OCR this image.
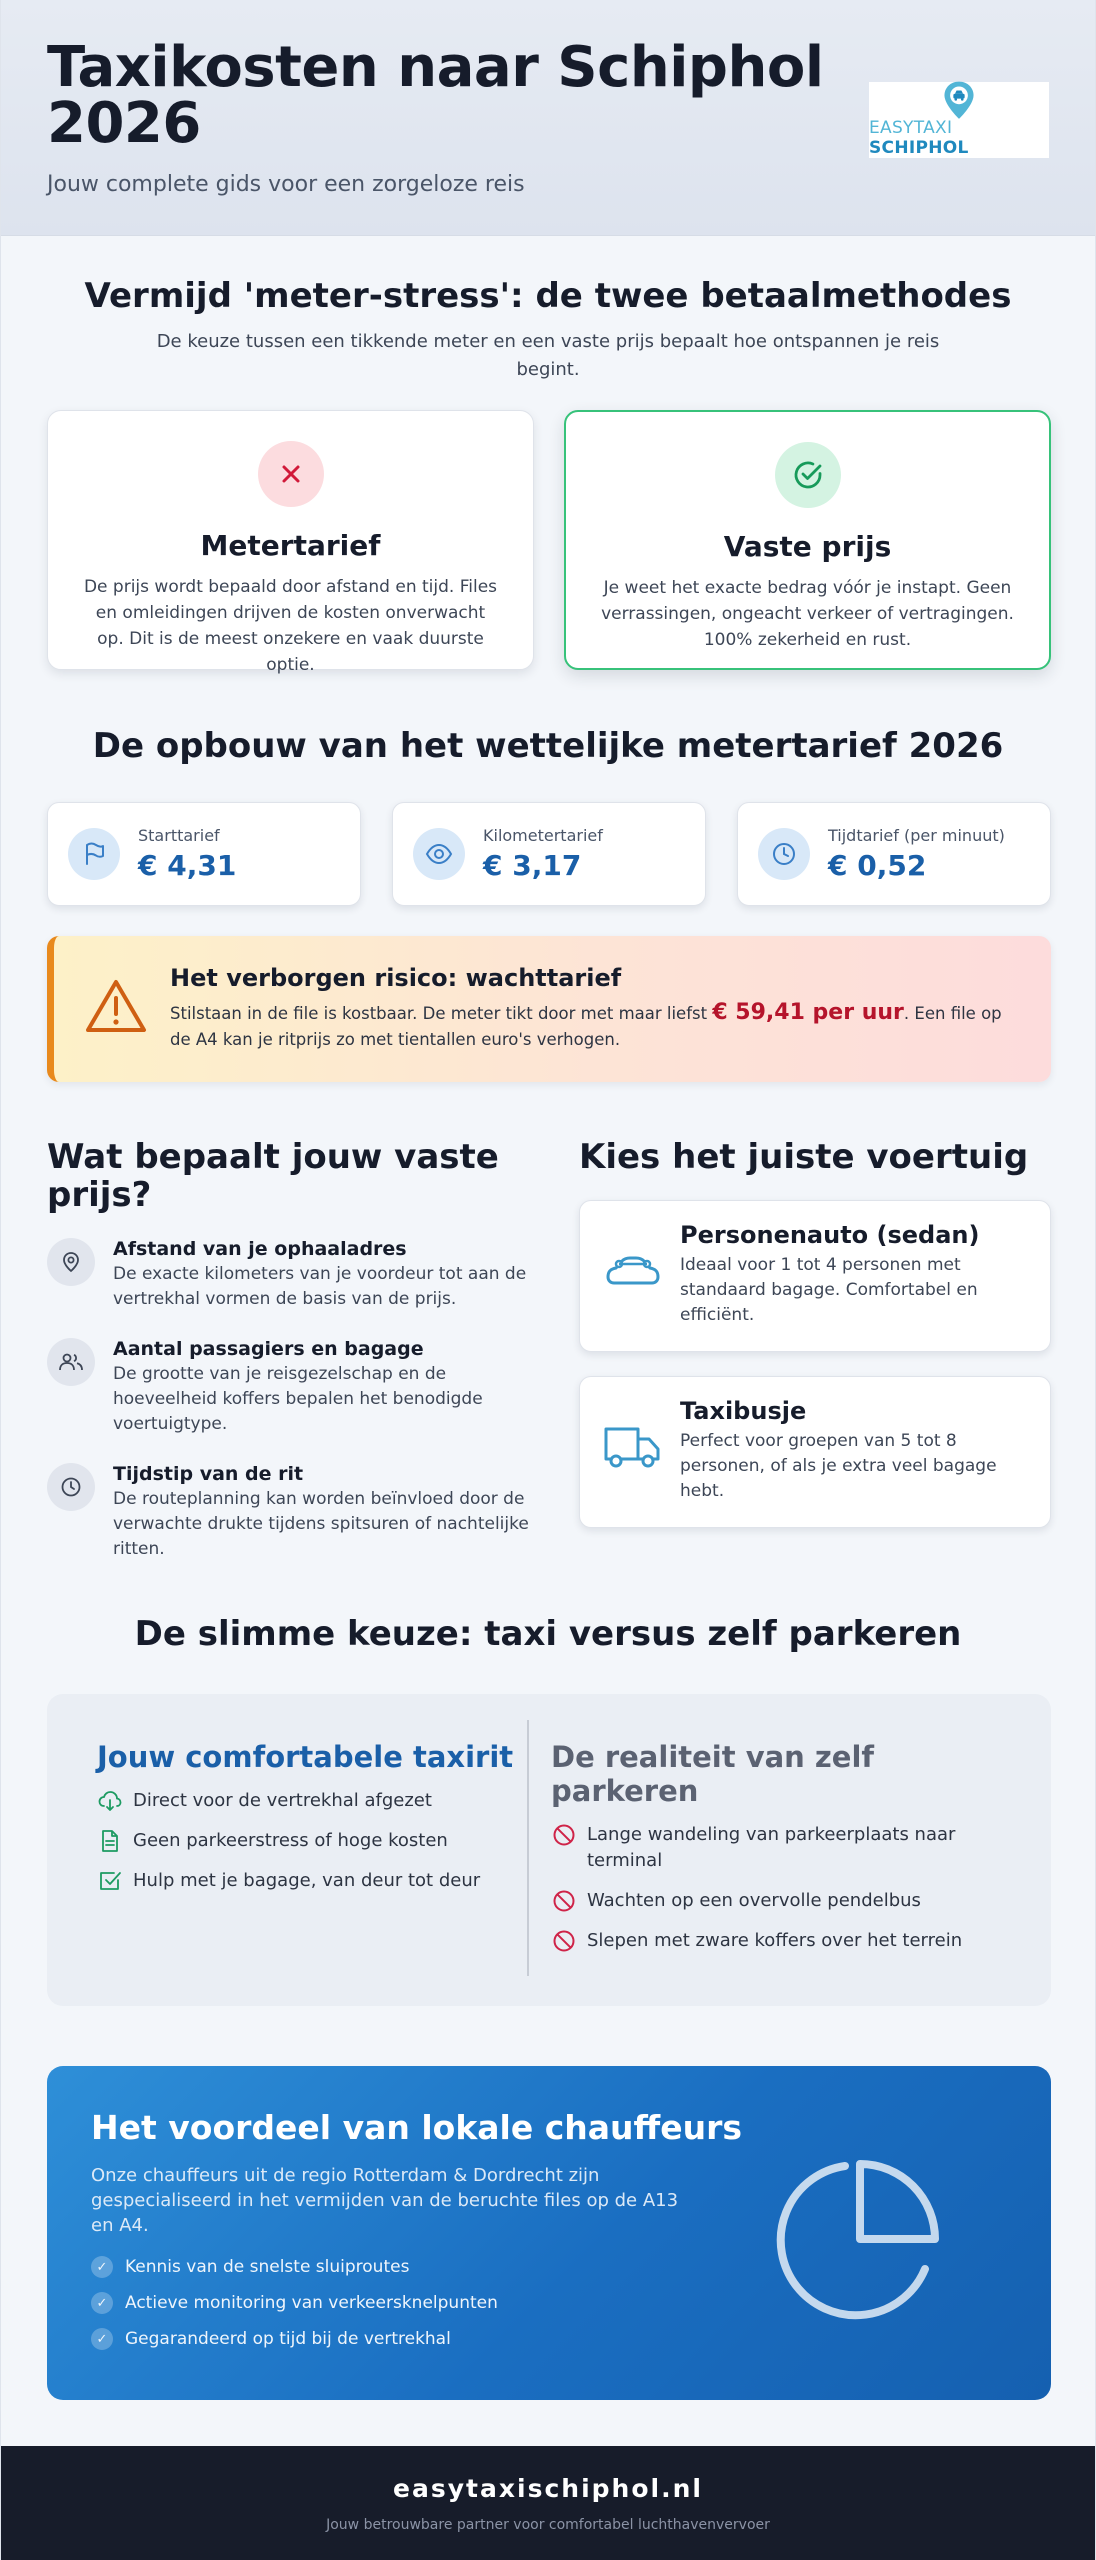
Taxikosten naar Schiphol 2026
Jouw complete gids voor een zorgeloze reis
EASYTAXI SCHIPHOL
Vermijd 'meter-stress': de twee betaalmethodes
De keuze tussen een tikkende meter en een vaste prijs bepaalt hoe ontspannen je reis begint.
Metertarief

De prijs wordt bepaald door afstand en tijd. Files en omleidingen drijven de kosten onverwacht op. Dit is de meest onzekere en vaak duurste optie.

Vaste prijs

Je weet het exacte bedrag vóór je instapt. Geen verrassingen, ongeacht verkeer of vertragingen. 100% zekerheid en rust.

De opbouw van het wettelijke metertarief 2026
Starttarief
€ 4,31
Kilometertarief
€ 3,17
Tijdtarief (per minuut)
€ 0,52
Het verborgen risico: wachttarief
Stilstaan in de file is kostbaar. De meter tikt door met maar liefst € 59,41 per uur. Een file op de A4 kan je ritprijs zo met tientallen euro's verhogen.
Wat bepaalt jouw vaste prijs?
Afstand van je ophaaladres
De exacte kilometers van je voordeur tot aan de vertrekhal vormen de basis van de prijs.
Aantal passagiers en bagage
De grootte van je reisgezelschap en de hoeveelheid koffers bepalen het benodigde voertuigtype.
Tijdstip van de rit
De routeplanning kan worden beïnvloed door de verwachte drukte tijdens spitsuren of nachtelijke ritten.
Kies het juiste voertuig
Personenauto (sedan)
Ideaal voor 1 tot 4 personen met standaard bagage. Comfortabel en efficiënt.
Taxibusje
Perfect voor groepen van 5 tot 8 personen, of als je extra veel bagage hebt.
De slimme keuze: taxi versus zelf parkeren
Jouw comfortabele taxirit
Direct voor de vertrekhal afgezet
Geen parkeerstress of hoge kosten
Hulp met je bagage, van deur tot deur
De realiteit van zelf parkeren
Lange wandeling van parkeerplaats naar terminal
Wachten op een overvolle pendelbus
Slepen met zware koffers over het terrein
Het voordeel van lokale chauffeurs
Onze chauffeurs uit de regio Rotterdam & Dordrecht zijn gespecialiseerd in het vermijden van de beruchte files op de A13 en A4.
✓	Kennis van de snelste sluiproutes
✓	Actieve monitoring van verkeersknelpunten
✓	Gegarandeerd op tijd bij de vertrekhal
easytaxischiphol.nl
Jouw betrouwbare partner voor comfortabel luchthavenvervoer
